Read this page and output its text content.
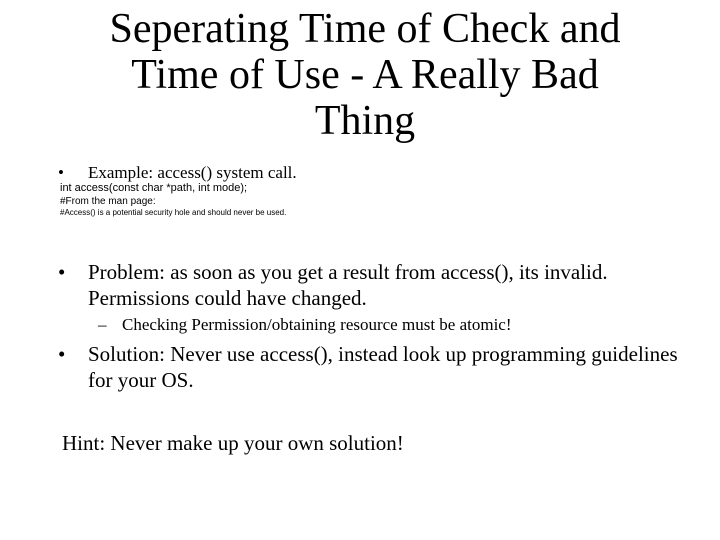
Seperating Time of Check and
Time of Use - A Really Bad
Thing
•	Example: access() system call.
int access(const char *path, int mode);
#From the man page:
#Access() is a potential security hole and should never be used.
•	Problem: as soon as you get a result from access(), its invalid. Permissions could have changed.
– Checking Permission/obtaining resource must be atomic!
•	Solution: Never use access(), instead look up programming guidelines for your OS.
Hint: Never make up your own solution!
